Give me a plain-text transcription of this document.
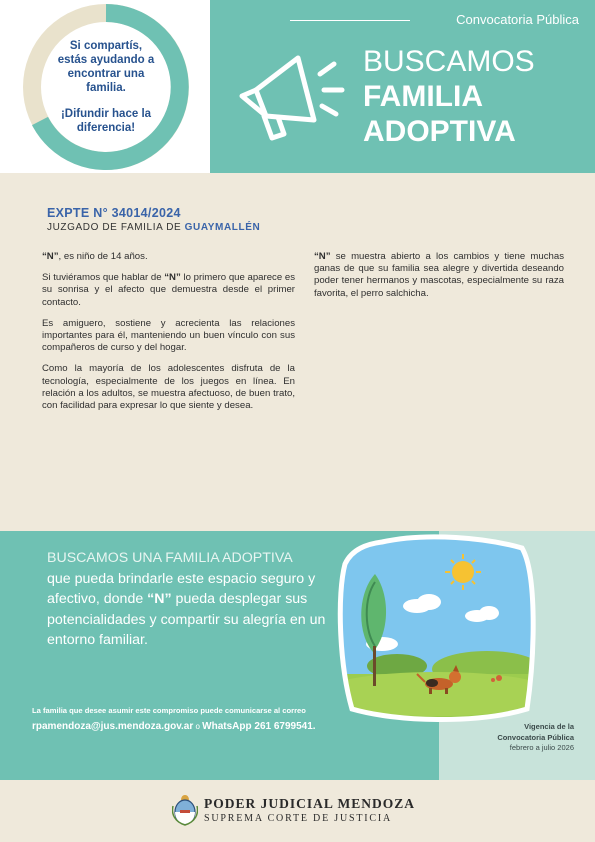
Si compartís, estás ayudando a encontrar una familia.

¡Difundir hace la diferencia!

Convocatoria Pública
BUSCAMOS
FAMILIA
ADOPTIVA
EXPTE N° 34014/2024
JUZGADO DE FAMILIA DE GUAYMALLÉN

“N”, es niño de 14 años.

Si tuviéramos que hablar de “N” lo primero que aparece es su sonrisa y el afecto que demuestra desde el primer contacto.

Es amiguero, sostiene y acrecienta las relaciones importantes para él, manteniendo un buen vínculo con sus compañeros de curso y del hogar.

Como la mayoría de los adolescentes disfruta de la tecnología, especialmente de los juegos en línea. En relación a los adultos, se muestra afectuoso, de buen trato, con facilidad para expresar lo que siente y desea.

“N” se muestra abierto a los cambios y tiene muchas ganas de que su familia sea alegre y divertida deseando poder tener hermanos y mascotas, especialmente su raza favorita, el perro salchicha.

BUSCAMOS UNA FAMILIA ADOPTIVA
que pueda brindarle este espacio seguro y afectivo, donde “N” pueda desplegar sus potencialidades y compartir su alegría en un entorno familiar.
La familia que desee asumir este compromiso puede comunicarse al correo
rpamendoza@jus.mendoza.gov.ar o WhatsApp 261 6799541.	Vigencia de la
Convocatoria Pública
febrero a julio 2026
PODER JUDICIAL MENDOZA
SUPREMA CORTE DE JUSTICIA
